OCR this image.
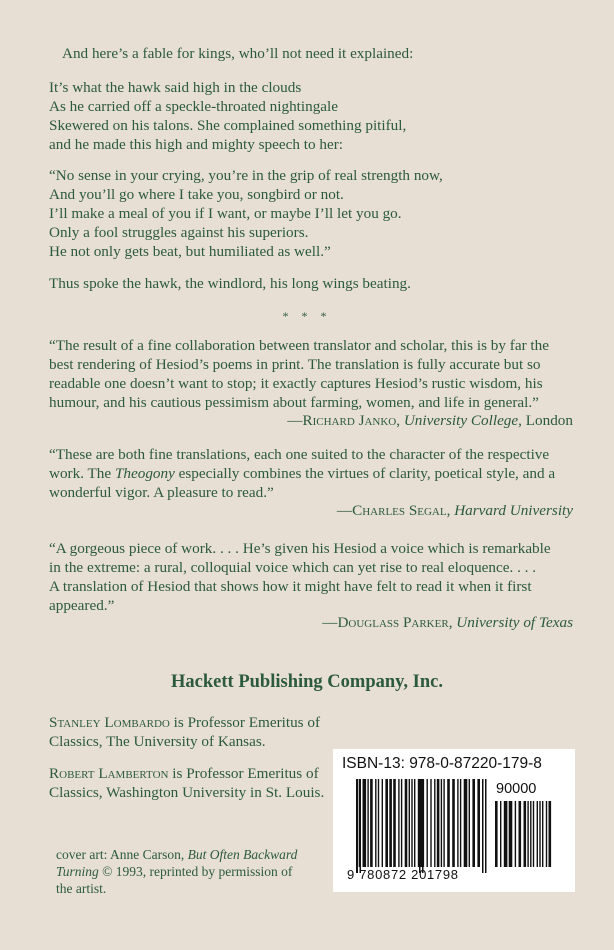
And here’s a fable for kings, who’ll not need it explained:
It’s what the hawk said high in the clouds
As he carried off a speckle-throated nightingale
Skewered on his talons. She complained something pitiful,
and he made this high and mighty speech to her:
“No sense in your crying, you’re in the grip of real strength now,
And you’ll go where I take you, songbird or not.
I’ll make a meal of you if I want, or maybe I’ll let you go.
Only a fool struggles against his superiors.
He not only gets beat, but humiliated as well.”
Thus spoke the hawk, the windlord, his long wings beating.
* * *
“The result of a fine collaboration between translator and scholar, this is by far the
best rendering of Hesiod’s poems in print. The translation is fully accurate but so
readable one doesn’t want to stop; it exactly captures Hesiod’s rustic wisdom, his
humour, and his cautious pessimism about farming, women, and life in general.”
—Richard Janko, University College, London
“These are both fine translations, each one suited to the character of the respective
work. The Theogony especially combines the virtues of clarity, poetical style, and a
wonderful vigor. A pleasure to read.”
—Charles Segal, Harvard University
“A gorgeous piece of work. . . . He’s given his Hesiod a voice which is remarkable
in the extreme: a rural, colloquial voice which can yet rise to real eloquence. . . .
A translation of Hesiod that shows how it might have felt to read it when it first
appeared.”
—Douglass Parker, University of Texas
Hackett Publishing Company, Inc.
Stanley Lombardo is Professor Emeritus of
Classics, The University of Kansas.
Robert Lamberton is Professor Emeritus of
Classics, Washington University in St. Louis.
cover art: Anne Carson, But Often Backward
Turning © 1993, reprinted by permission of
the artist.
ISBN-13: 978-0-87220-179-8
90000
9 780872 201798
